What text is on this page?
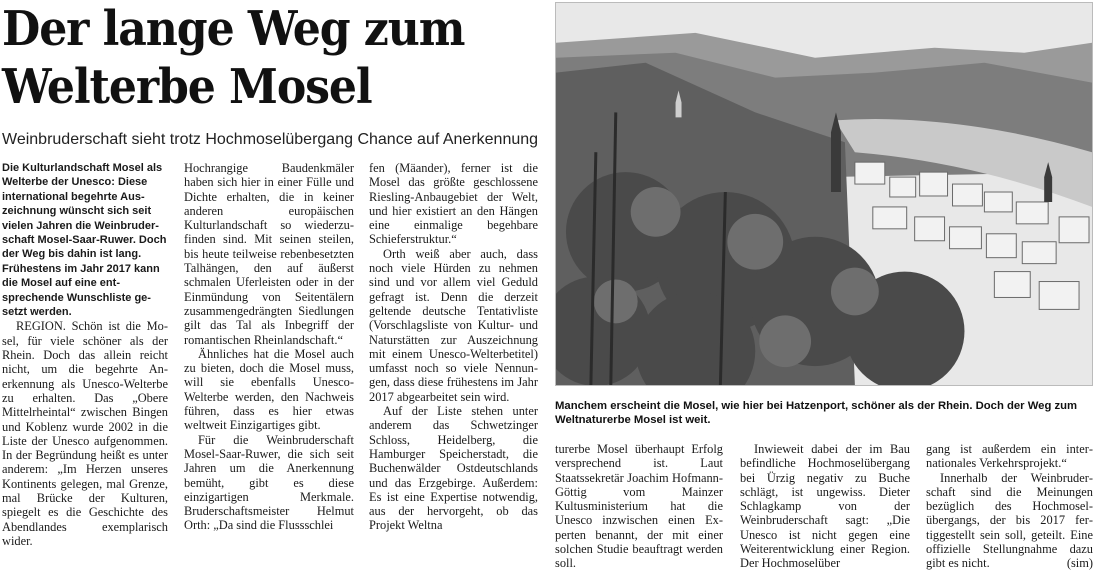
Der lange Weg zum
Welterbe Mosel

Weinbruderschaft sieht trotz Hochmoselübergang Chance auf Anerkennung

Die Kulturlandschaft Mosel als Welterbe der Unesco: Diese international begehrte Auszeichnung wünscht sich seit vielen Jahren die Weinbruderschaft Mosel-Saar-Ruwer. Doch der Weg bis dahin ist lang. Frühestens im Jahr 2017 kann die Mosel auf eine entsprechende Wunschliste gesetzt werden.

REGION. Schön ist die Mosel, für viele schöner als der Rhein. Doch das allein reicht nicht, um die begehrte Anerkennung als Unesco-Welterbe zu erhalten. Das „Obere Mittelrheintal“ zwischen Bingen und Koblenz wurde 2002 in die Liste der Unesco aufgenommen. In der Begründung heißt es unter anderem: „Im Herzen unseres Kontinents gelegen, mal Grenze, mal Brücke der Kulturen, spiegelt es die Geschichte des Abendlandes exemplarisch wider.

Hochrangige Baudenkmäler haben sich hier in einer Fülle und Dichte erhalten, die in keiner anderen europäischen Kulturlandschaft so wiederzufinden sind. Mit seinen steilen, bis heute teilweise rebenbesetzten Talhängen, den auf äußerst schmalen Uferleisten oder in der Einmündung von Seitentälern zusammengedrängten Siedlungen gilt das Tal als Inbegriff der romantischen Rheinlandschaft.“

Ähnliches hat die Mosel auch zu bieten, doch die Mosel muss, will sie ebenfalls Unesco-Welterbe werden, den Nachweis führen, dass es hier etwas weltweit Einzigartiges gibt.

Für die Weinbruderschaft Mosel-Saar-Ruwer, die sich seit Jahren um die Anerkennung bemüht, gibt es diese einzigartigen Merkmale. Bruderschaftsmeister Helmut Orth: „Da sind die Flussschlei

fen (Mäander), ferner ist die Mosel das größte geschlossene Riesling-Anbaugebiet der Welt, und hier existiert an den Hängen eine einmalige begehbare Schieferstruktur.“

Orth weiß aber auch, dass noch viele Hürden zu nehmen sind und vor allem viel Geduld gefragt ist. Denn die derzeit geltende deutsche Tentativliste (Vorschlagsliste von Kultur- und Naturstätten zur Auszeichnung mit einem Unesco-Welterbetitel) umfasst noch so viele Nennungen, dass diese frühestens im Jahr 2017 abgearbeitet sein wird.

Auf der Liste stehen unter anderem das Schwetzinger Schloss, Heidelberg, die Hamburger Speicherstadt, die Buchenwälder Ostdeutschlands und das Erzgebirge. Außerdem: Es ist eine Expertise notwendig, aus der hervorgeht, ob das Projekt Weltna

Manchem erscheint die Mosel, wie hier bei Hatzenport, schöner als der Rhein. Doch der Weg zum Weltnaturerbe Mosel ist weit.

turerbe Mosel überhaupt Erfolg versprechend ist. Laut Staatssekretär Joachim Hofmann-Göttig vom Mainzer Kultusministerium hat die Unesco inzwischen einen Experten benannt, der mit einer solchen Studie beauftragt werden soll.

Inwieweit dabei der im Bau befindliche Hochmoselübergang bei Ürzig negativ zu Buche schlägt, ist ungewiss. Dieter Schlagkamp von der Weinbruderschaft sagt: „Die Unesco ist nicht gegen eine Weiterentwicklung einer Region. Der Hochmoselüber

gang ist außerdem ein internationales Verkehrsprojekt.“

Innerhalb der Weinbruderschaft sind die Meinungen bezüglich des Hochmoselübergangs, der bis 2017 fertiggestellt sein soll, geteilt. Eine offizielle Stellungnahme dazu gibt es nicht.	(sim)
